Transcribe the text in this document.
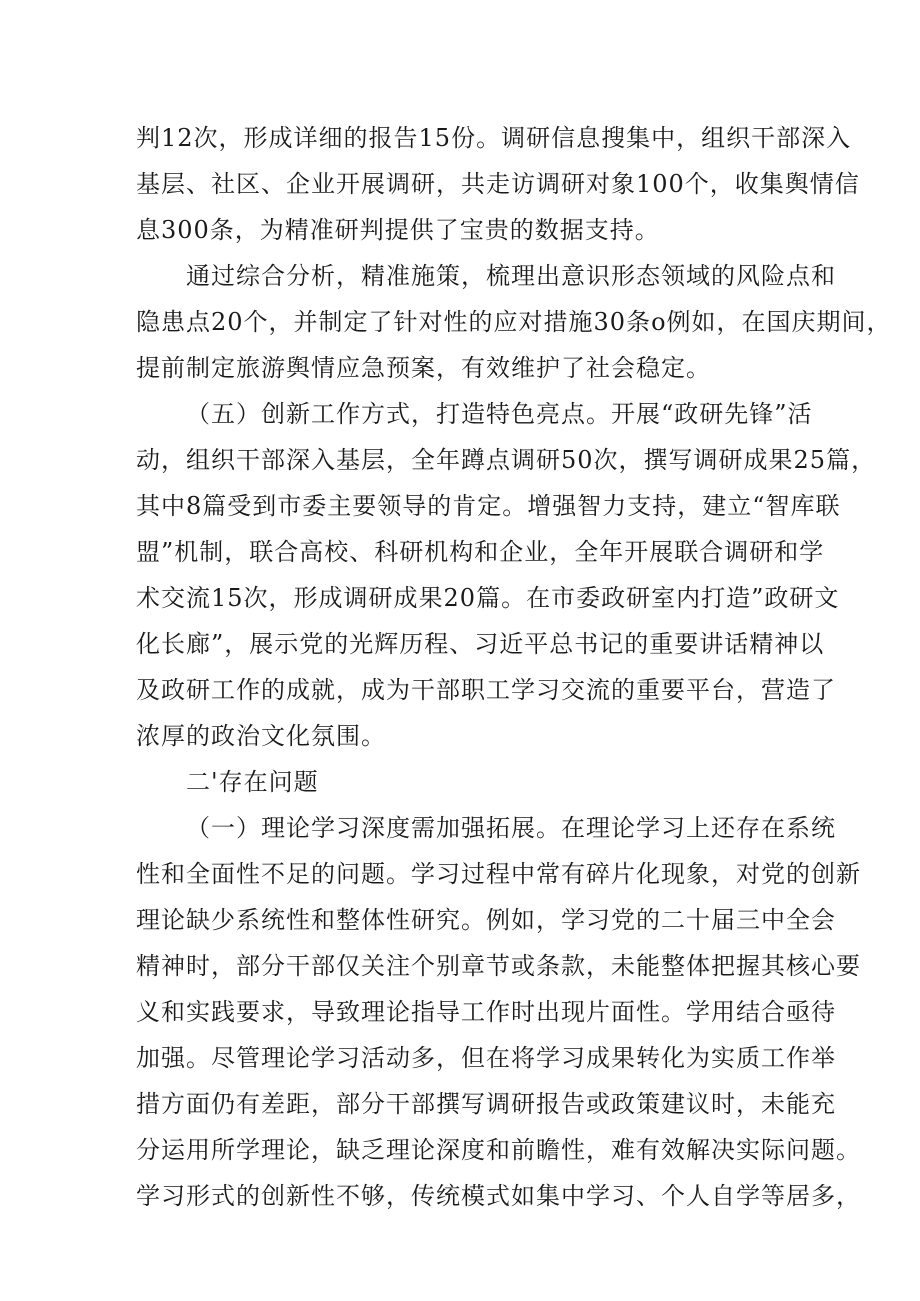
判12次，形成详细的报告15份。调研信息搜集中，组织干部深入
基层、社区、企业开展调研，共走访调研对象100个，收集舆情信
息300条，为精准研判提供了宝贵的数据支持。
通过综合分析，精准施策，梳理出意识形态领域的风险点和
隐患点20个，并制定了针对性的应对措施30条o例如，在国庆期间，
提前制定旅游舆情应急预案，有效维护了社会稳定。
（五）创新工作方式，打造特色亮点。开展“政研先锋”活
动，组织干部深入基层，全年蹲点调研50次，撰写调研成果25篇，
其中8篇受到市委主要领导的肯定。增强智力支持，建立“智库联
盟”机制，联合高校、科研机构和企业，全年开展联合调研和学
术交流15次，形成调研成果20篇。在市委政研室内打造”政研文
化长廊”，展示党的光辉历程、习近平总书记的重要讲话精神以
及政研工作的成就，成为干部职工学习交流的重要平台，营造了
浓厚的政治文化氛围。
二'存在问题
（一）理论学习深度需加强拓展。在理论学习上还存在系统
性和全面性不足的问题。学习过程中常有碎片化现象，对党的创新
理论缺少系统性和整体性研究。例如，学习党的二十届三中全会
精神时，部分干部仅关注个别章节或条款，未能整体把握其核心要
义和实践要求，导致理论指导工作时出现片面性。学用结合亟待
加强。尽管理论学习活动多，但在将学习成果转化为实质工作举
措方面仍有差距，部分干部撰写调研报告或政策建议时，未能充
分运用所学理论，缺乏理论深度和前瞻性，难有效解决实际问题。
学习形式的创新性不够，传统模式如集中学习、个人自学等居多，
